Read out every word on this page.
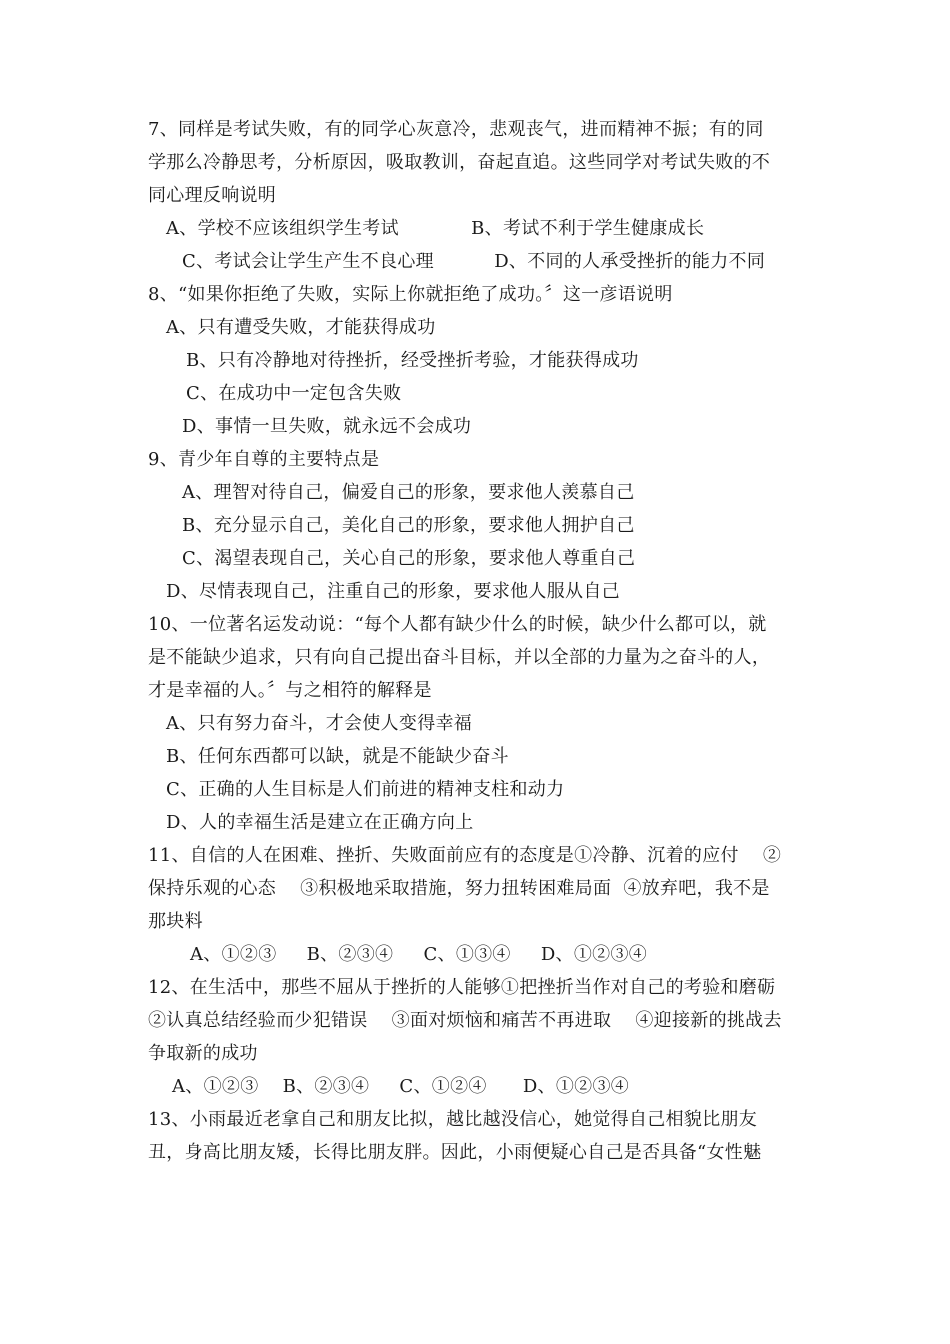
7、同样是考试失败，有的同学心灰意冷，悲观丧气，进而精神不振；有的同
学那么冷静思考，分析原因，吸取教训，奋起直追。这些同学对考试失败的不
同心理反响说明
A、学校不应该组织学生考试            B、考试不利于学生健康成长
C、考试会让学生产生不良心理          D、不同的人承受挫折的能力不同
8、“如果你拒绝了失败，实际上你就拒绝了成功。〞这一彦语说明
A、只有遭受失败，才能获得成功
B、只有冷静地对待挫折，经受挫折考验，才能获得成功
C、在成功中一定包含失败
D、事情一旦失败，就永远不会成功
9、青少年自尊的主要特点是
A、理智对待自己，偏爱自己的形象，要求他人羡慕自己
B、充分显示自己，美化自己的形象，要求他人拥护自己
C、渴望表现自己，关心自己的形象，要求他人尊重自己
D、尽情表现自己，注重自己的形象，要求他人服从自己
10、一位著名运发动说：“每个人都有缺少什么的时候，缺少什么都可以，就
是不能缺少追求，只有向自己提出奋斗目标，并以全部的力量为之奋斗的人，
才是幸福的人。〞与之相符的解释是
A、只有努力奋斗，才会使人变得幸福
B、任何东西都可以缺，就是不能缺少奋斗
C、正确的人生目标是人们前进的精神支柱和动力
D、人的幸福生活是建立在正确方向上
11、自信的人在困难、挫折、失败面前应有的态度是①冷静、沉着的应付    ②
保持乐观的心态    ③积极地采取措施，努力扭转困难局面  ④放弃吧，我不是
那块料
A、①②③     B、②③④     C、①③④     D、①②③④
12、在生活中，那些不屈从于挫折的人能够①把挫折当作对自己的考验和磨砺
②认真总结经验而少犯错误    ③面对烦恼和痛苦不再进取    ④迎接新的挑战去
争取新的成功
A、①②③    B、②③④     C、①②④      D、①②③④
13、小雨最近老拿自己和朋友比拟，越比越没信心，她觉得自己相貌比朋友
丑，身高比朋友矮，长得比朋友胖。因此，小雨便疑心自己是否具备“女性魅
